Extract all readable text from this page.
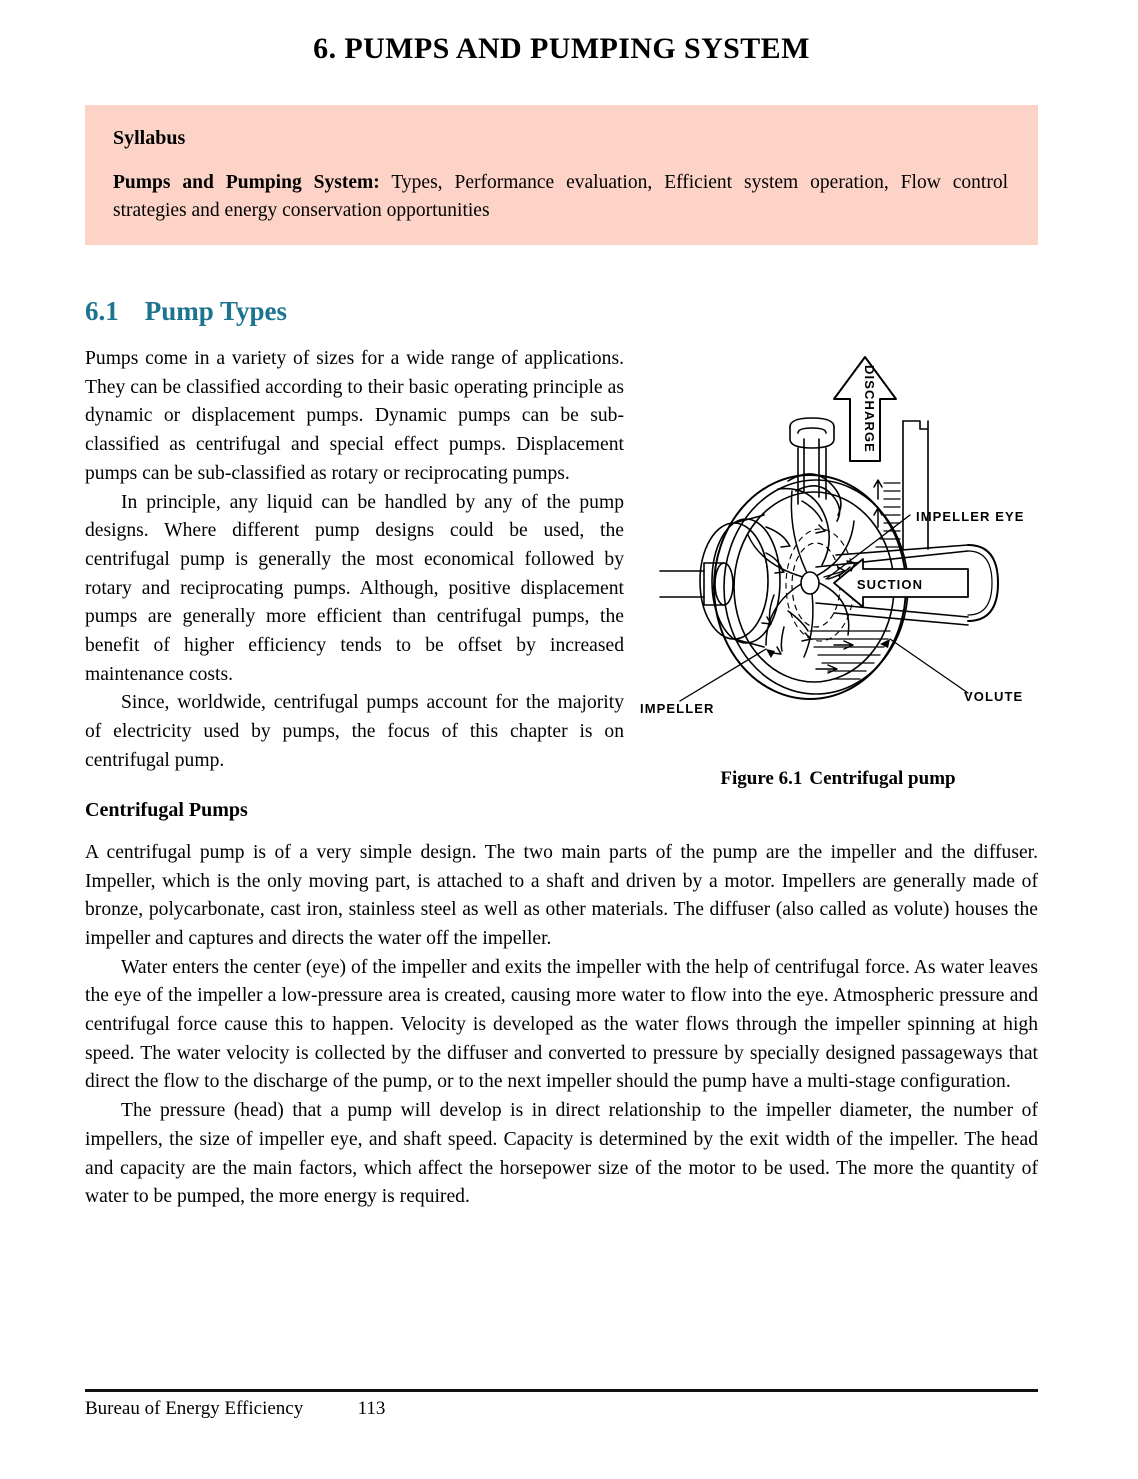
6. PUMPS AND PUMPING SYSTEM
Syllabus
Pumps and Pumping System: Types, Performance evaluation, Efficient system operation, Flow control strategies and energy conservation opportunities
6.1 Pump Types
DISCHARGE
IMPELLER EYE
SUCTION
VOLUTE
IMPELLER
Figure 6.1 Centrifugal pump

Pumps come in a variety of sizes for a wide range of applications. They can be classified according to their basic operating principle as dynamic or displacement pumps. Dynamic pumps can be sub-classified as centrifugal and special effect pumps. Displacement pumps can be sub-classified as rotary or reciprocating pumps.

In principle, any liquid can be handled by any of the pump designs. Where different pump designs could be used, the centrifugal pump is generally the most economical followed by rotary and reciprocating pumps. Although, positive displacement pumps are generally more efficient than centrifugal pumps, the benefit of higher efficiency tends to be offset by increased maintenance costs.

Since, worldwide, centrifugal pumps account for the majority of electricity used by pumps, the focus of this chapter is on centrifugal pump.

Centrifugal Pumps

A centrifugal pump is of a very simple design. The two main parts of the pump are the impeller and the diffuser. Impeller, which is the only moving part, is attached to a shaft and driven by a motor. Impellers are generally made of bronze, polycarbonate, cast iron, stainless steel as well as other materials. The diffuser (also called as volute) houses the impeller and captures and directs the water off the impeller.

Water enters the center (eye) of the impeller and exits the impeller with the help of centrifugal force. As water leaves the eye of the impeller a low-pressure area is created, causing more water to flow into the eye. Atmospheric pressure and centrifugal force cause this to happen. Velocity is developed as the water flows through the impeller spinning at high speed. The water velocity is collected by the diffuser and converted to pressure by specially designed passageways that direct the flow to the discharge of the pump, or to the next impeller should the pump have a multi-stage configuration.

The pressure (head) that a pump will develop is in direct relationship to the impeller diameter, the number of impellers, the size of impeller eye, and shaft speed. Capacity is determined by the exit width of the impeller. The head and capacity are the main factors, which affect the horsepower size of the motor to be used. The more the quantity of water to be pumped, the more energy is required.

Bureau of Energy Efficiency	113
